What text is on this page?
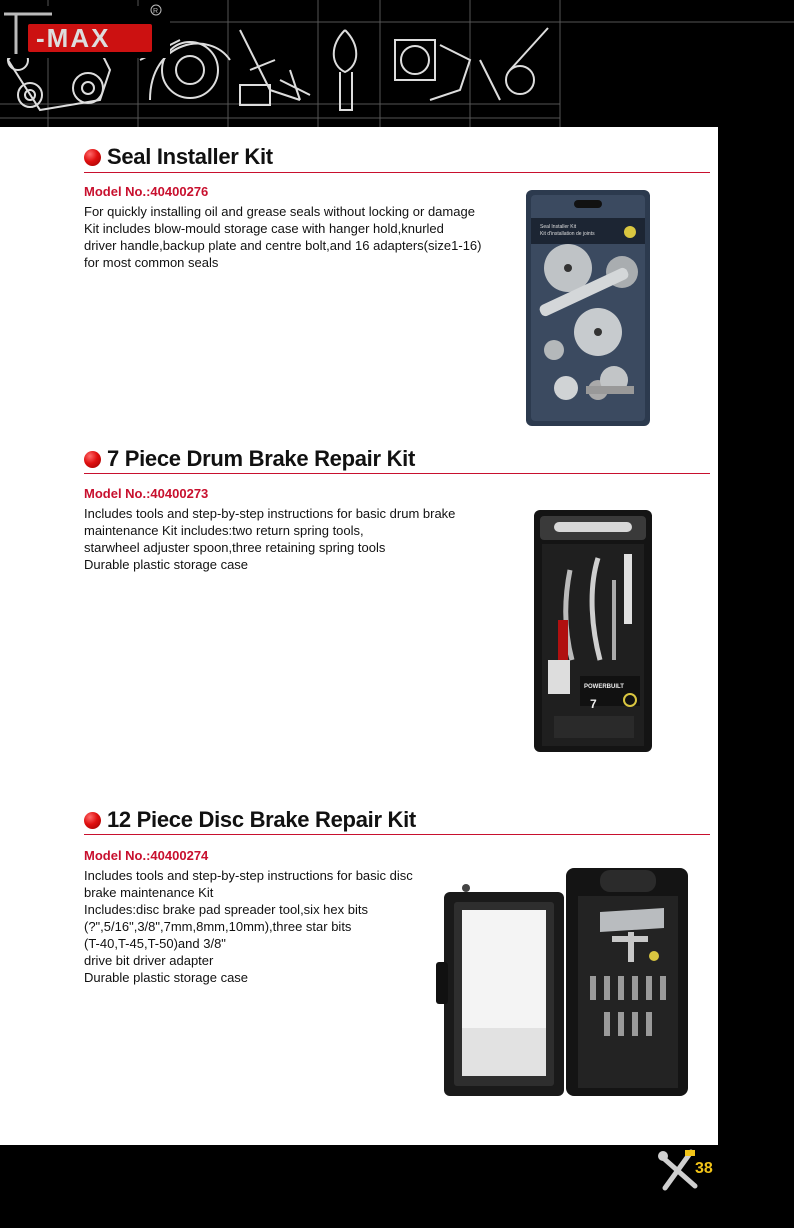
-MAX
R
Seal Installer Kit
Model No.:40400276
For quickly installing oil and grease seals without locking or damage
Kit includes blow-mould storage case with hanger hold,knurled
driver handle,backup plate and centre bolt,and 16 adapters(size1-16)
for most common seals
Seal Installer Kit
Kit d'installation de joints
7 Piece Drum Brake Repair Kit
Model No.:40400273
Includes tools and step-by-step instructions for basic drum brake
maintenance Kit includes:two return spring tools,
starwheel adjuster spoon,three retaining spring tools
Durable plastic storage case
POWERBUILT
7
12 Piece Disc Brake Repair Kit
Model No.:40400274
Includes tools and step-by-step instructions for basic disc
brake maintenance Kit
Includes:disc brake pad spreader tool,six hex bits
(?",5/16",3/8",7mm,8mm,10mm),three star bits
(T-40,T-45,T-50)and 3/8"
drive bit driver adapter
Durable plastic storage case
38
